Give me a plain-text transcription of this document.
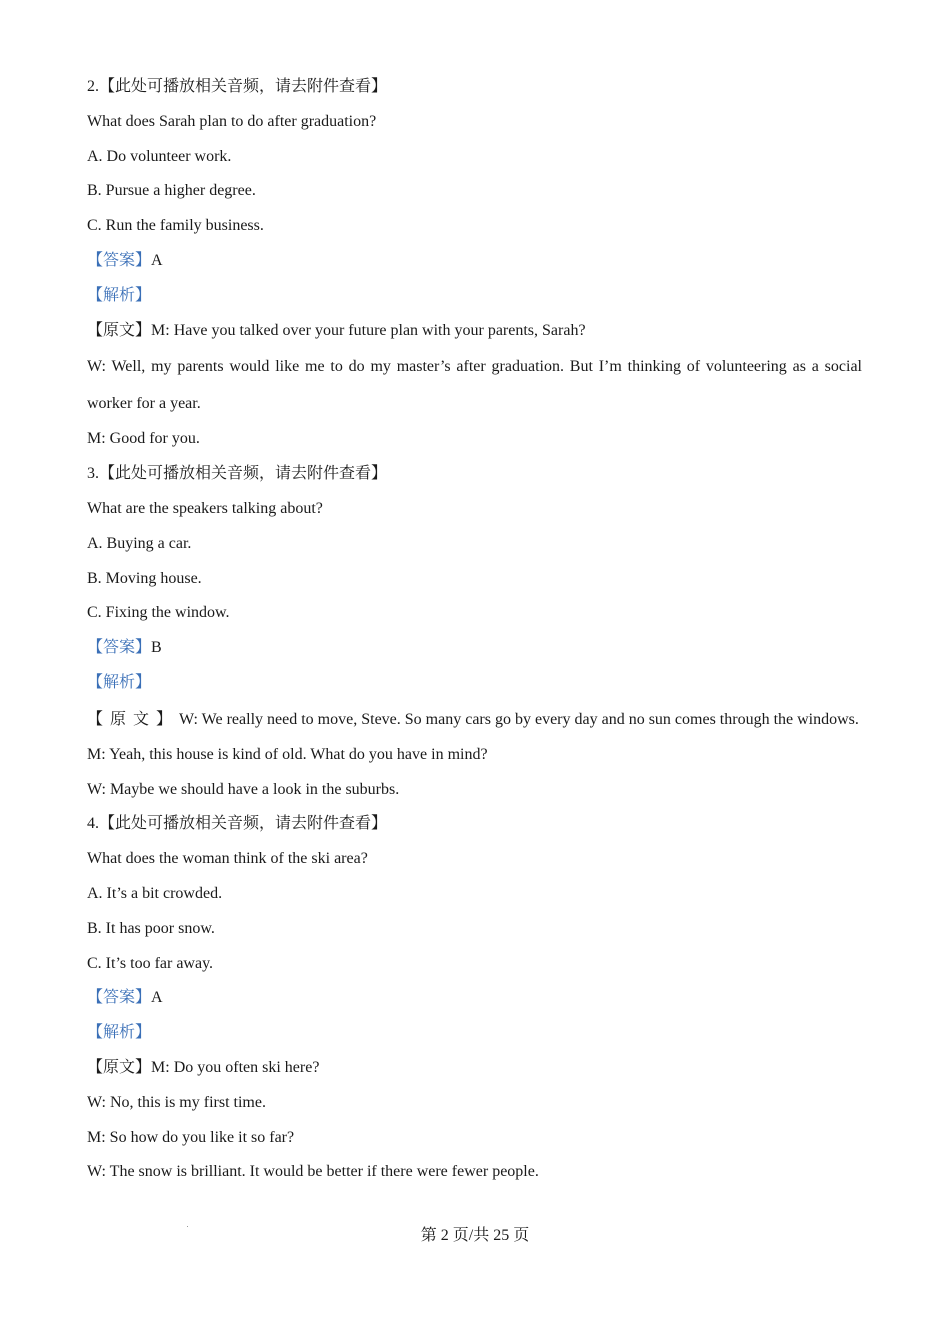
2.【此处可播放相关音频，请去附件查看】
What does Sarah plan to do after graduation?
A. Do volunteer work.
B. Pursue a higher degree.
C. Run the family business.
【答案】A
【解析】
【原文】M: Have you talked over your future plan with your parents, Sarah?
W: Well, my parents would like me to do my master’s after graduation. But I’m thinking of volunteering as a social worker for a year.
M: Good for you.
3.【此处可播放相关音频，请去附件查看】
What are the speakers talking about?
A. Buying a car.
B. Moving house.
C. Fixing the window.
【答案】B
【解析】
【原文】W: We really need to move, Steve. So many cars go by every day and no sun comes through the windows.
M: Yeah, this house is kind of old. What do you have in mind?
W: Maybe we should have a look in the suburbs.
4.【此处可播放相关音频，请去附件查看】
What does the woman think of the ski area?
A. It’s a bit crowded.
B. It has poor snow.
C. It’s too far away.
【答案】A
【解析】
【原文】M: Do you often ski here?
W: No, this is my first time.
M: So how do you like it so far?
W: The snow is brilliant. It would be better if there were fewer people.
第 2 页/共 25 页
